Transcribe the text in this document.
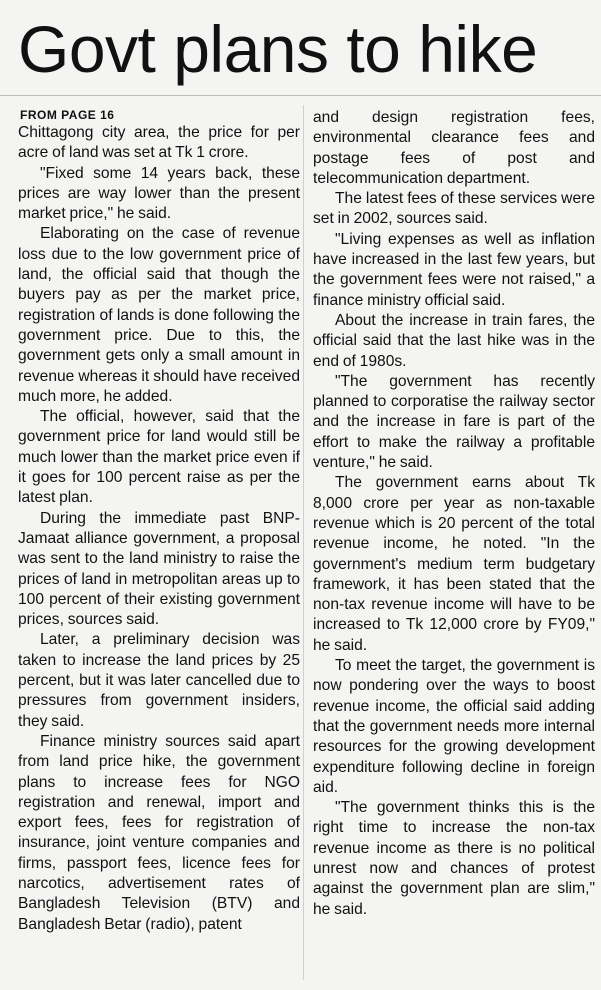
Govt plans to hike
FROM PAGE 16

Chittagong city area, the price for per acre of land was set at Tk 1 crore.

"Fixed some 14 years back, these prices are way lower than the present market price," he said.

Elaborating on the case of revenue loss due to the low government price of land, the official said that though the buyers pay as per the market price, registration of lands is done following the government price. Due to this, the government gets only a small amount in revenue whereas it should have received much more, he added.

The official, however, said that the government price for land would still be much lower than the market price even if it goes for 100 percent raise as per the latest plan.

During the immediate past BNP-Jamaat alliance government, a proposal was sent to the land ministry to raise the prices of land in metropolitan areas up to 100 percent of their existing government prices, sources said.

Later, a preliminary decision was taken to increase the land prices by 25 percent, but it was later cancelled due to pressures from government insiders, they said.

Finance ministry sources said apart from land price hike, the government plans to increase fees for NGO registration and renewal, import and export fees, fees for registration of insurance, joint venture companies and firms, passport fees, licence fees for narcotics, advertisement rates of Bangladesh Television (BTV) and Bangladesh Betar (radio), patent

and design registration fees, environmental clearance fees and postage fees of post and telecommunication department.

The latest fees of these services were set in 2002, sources said.

"Living expenses as well as inflation have increased in the last few years, but the government fees were not raised," a finance ministry official said.

About the increase in train fares, the official said that the last hike was in the end of 1980s.

"The government has recently planned to corporatise the railway sector and the increase in fare is part of the effort to make the railway a profitable venture," he said.

The government earns about Tk 8,000 crore per year as non-taxable revenue which is 20 percent of the total revenue income, he noted. "In the government's medium term budgetary framework, it has been stated that the non-tax revenue income will have to be increased to Tk 12,000 crore by FY09," he said.

To meet the target, the government is now pondering over the ways to boost revenue income, the official said adding that the government needs more internal resources for the growing development expenditure following decline in foreign aid.

"The government thinks this is the right time to increase the non-tax revenue income as there is no political unrest now and chances of protest against the government plan are slim," he said.
